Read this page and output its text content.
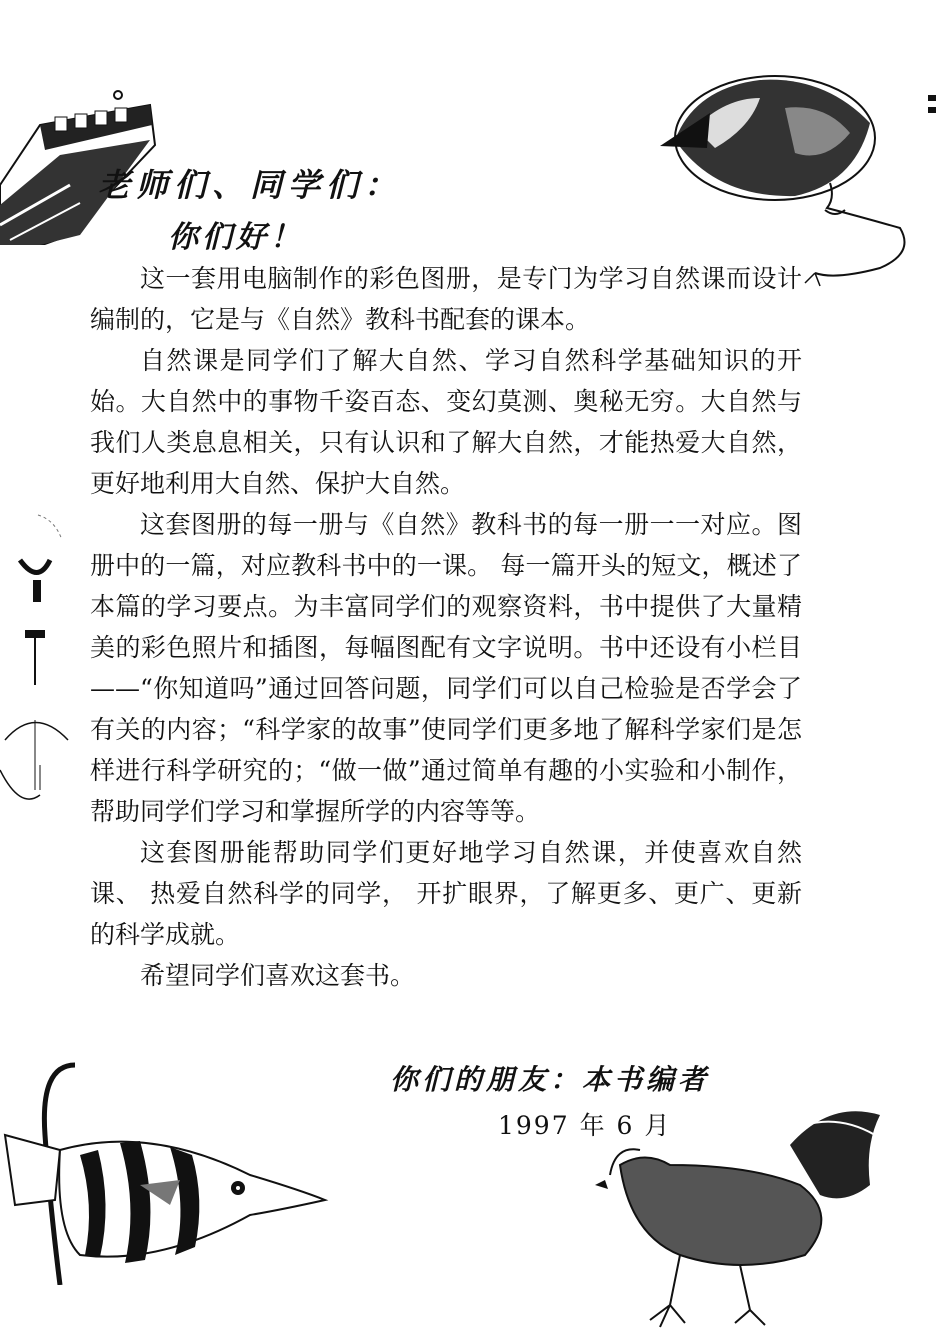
老师们、同学们：
你们好！

这一套用电脑制作的彩色图册，是专门为学习自然课而设计编制的，它是与《自然》教科书配套的课本。

自然课是同学们了解大自然、学习自然科学基础知识的开始。大自然中的事物千姿百态、变幻莫测、奥秘无穷。大自然与我们人类息息相关，只有认识和了解大自然，才能热爱大自然，更好地利用大自然、保护大自然。

这套图册的每一册与《自然》教科书的每一册一一对应。图册中的一篇，对应教科书中的一课。 每一篇开头的短文，概述了本篇的学习要点。为丰富同学们的观察资料，书中提供了大量精美的彩色照片和插图，每幅图配有文字说明。书中还设有小栏目——“你知道吗”通过回答问题，同学们可以自己检验是否学会了有关的内容；“科学家的故事”使同学们更多地了解科学家们是怎样进行科学研究的；“做一做”通过简单有趣的小实验和小制作，帮助同学们学习和掌握所学的内容等等。

这套图册能帮助同学们更好地学习自然课，并使喜欢自然课、 热爱自然科学的同学， 开扩眼界，了解更多、更广、更新的科学成就。

希望同学们喜欢这套书。

你们的朋友：本书编者
1997 年 6 月
